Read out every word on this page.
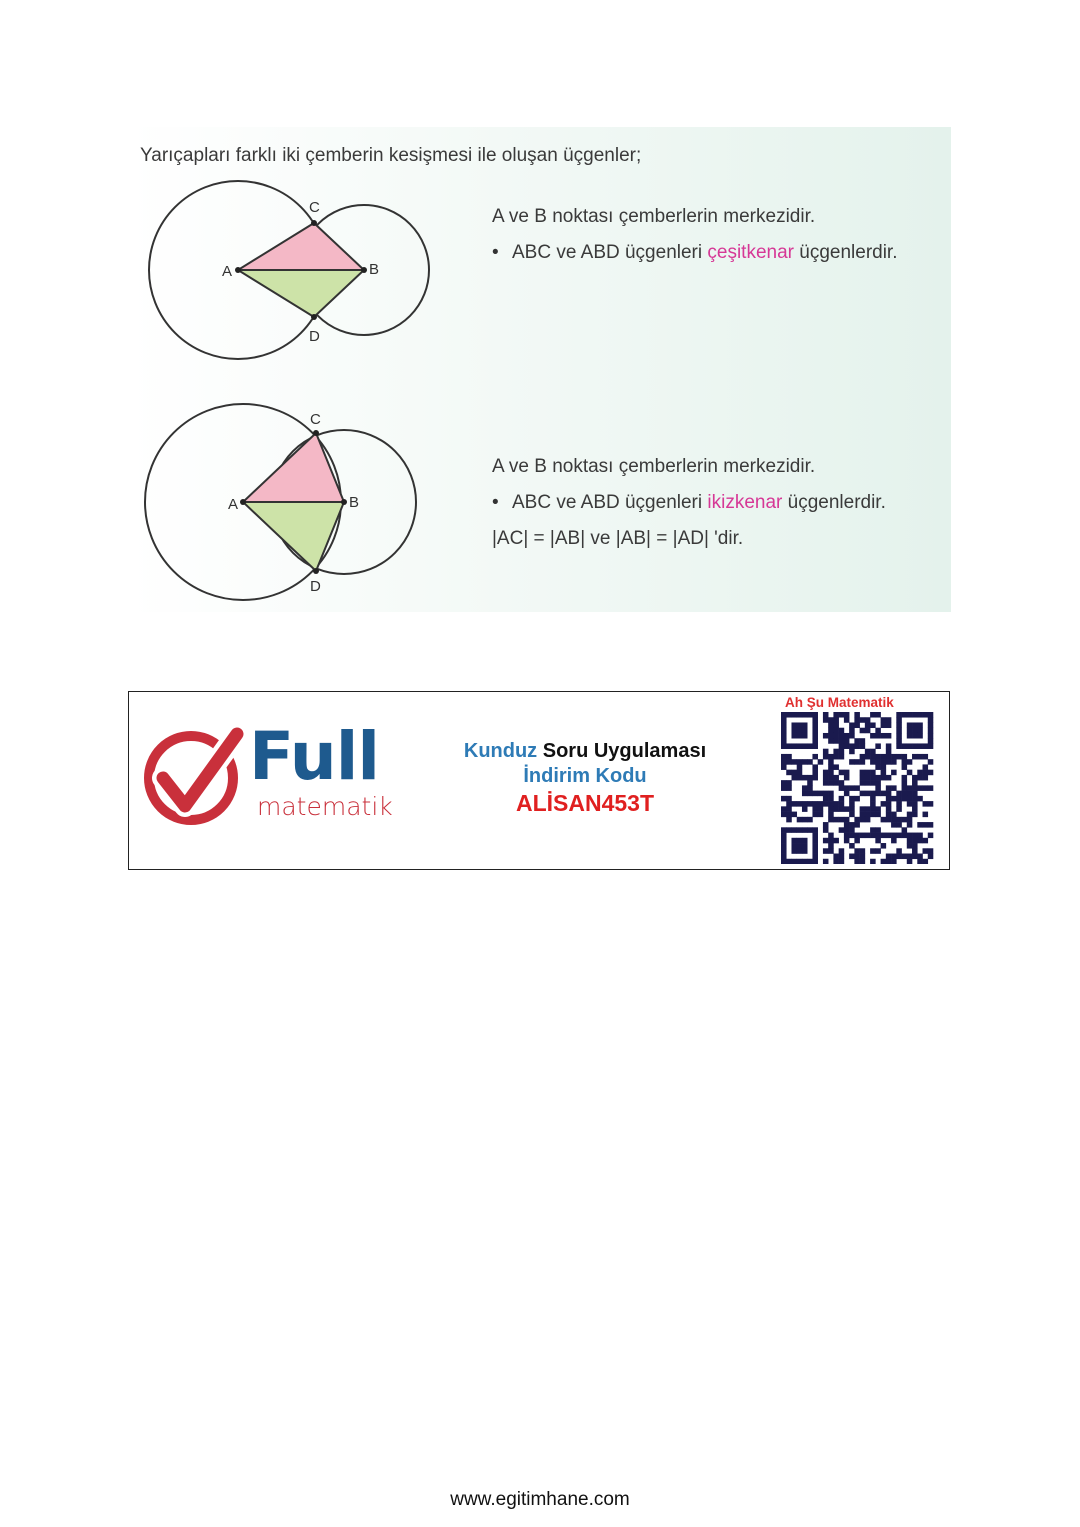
Yarıçapları farklı iki çemberin kesişmesi ile oluşan üçgenler;
A	B
C
D
A ve B noktası çemberlerin merkezidir.
• ABC ve ABD üçgenleri çeşitkenar üçgenlerdir.
A	B
C
D
A ve B noktası çemberlerin merkezidir.
• ABC ve ABD üçgenleri ikizkenar üçgenlerdir.
|AC| = |AB| ve |AB| = |AD| 'dir.
Full
matematik
Kunduz Soru Uygulaması
İndirim Kodu
ALİSAN453T
Ah Şu Matematik
www.egitimhane.com
